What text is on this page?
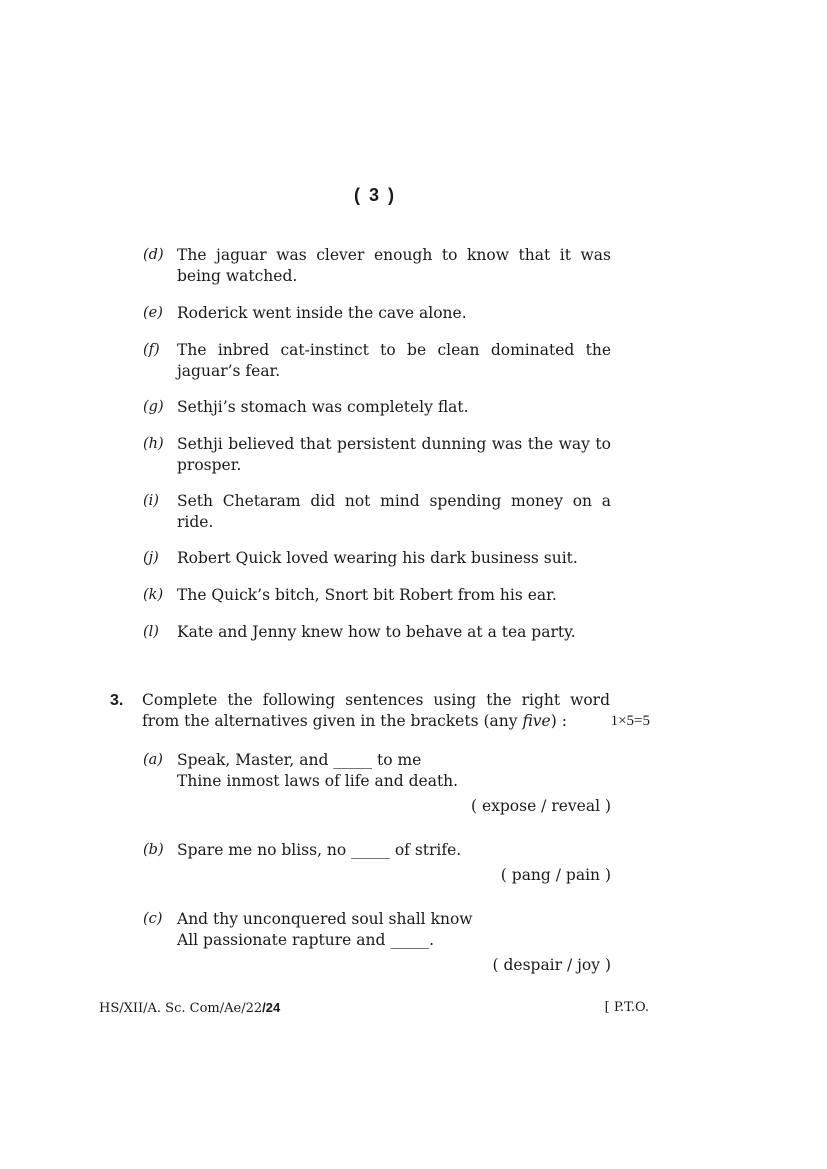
( 3 )
(d) The jaguar was clever enough to know that it was being watched.
(e) Roderick went inside the cave alone.
(f) The inbred cat-instinct to be clean dominated the jaguar’s fear.
(g) Sethji’s stomach was completely flat.
(h) Sethji believed that persistent dunning was the way to prosper.
(i) Seth Chetaram did not mind spending money on a ride.
(j) Robert Quick loved wearing his dark business suit.
(k) The Quick’s bitch, Snort bit Robert from his ear.
(l) Kate and Jenny knew how to behave at a tea party.
3. Complete the following sentences using the right word
from the alternatives given in the brackets (any five) :	1×5=5
(a) Speak, Master, and _____ to me
Thine inmost laws of life and death.
( expose / reveal )
(b) Spare me no bliss, no _____ of strife.
( pang / pain )
(c) And thy unconquered soul shall know
All passionate rapture and _____.
( despair / joy )
HS/XII/A. Sc. Com/Ae/22/24	[ P.T.O.
